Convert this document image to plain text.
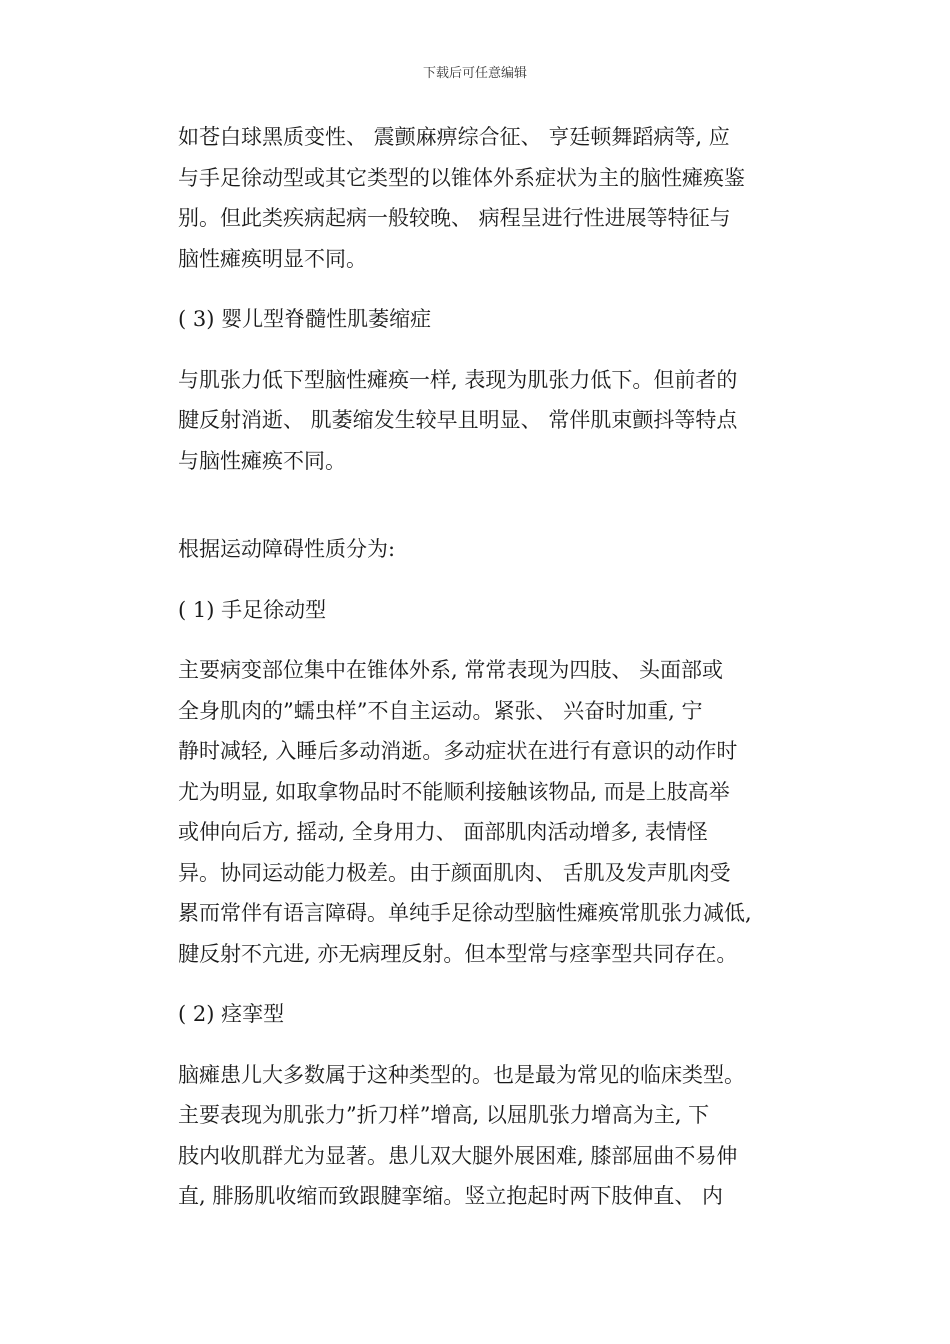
下载后可任意编辑
如苍白球黑质变性、 震颤麻痹综合征、 亨廷顿舞蹈病等, 应
与手足徐动型或其它类型的以锥体外系症状为主的脑性瘫痪鉴
别。但此类疾病起病一般较晚、 病程呈进行性进展等特征与
脑性瘫痪明显不同。
( 3) 婴儿型脊髓性肌萎缩症
与肌张力低下型脑性瘫痪一样, 表现为肌张力低下。但前者的
腱反射消逝、 肌萎缩发生较早且明显、 常伴肌束颤抖等特点
与脑性瘫痪不同。
根据运动障碍性质分为:
( 1) 手足徐动型
主要病变部位集中在锥体外系, 常常表现为四肢、 头面部或
全身肌肉的”蠕虫样”不自主运动。紧张、 兴奋时加重, 宁
静时减轻, 入睡后多动消逝。多动症状在进行有意识的动作时
尤为明显, 如取拿物品时不能顺利接触该物品, 而是上肢高举
或伸向后方, 摇动, 全身用力、 面部肌肉活动增多, 表情怪
异。协同运动能力极差。由于颜面肌肉、 舌肌及发声肌肉受
累而常伴有语言障碍。单纯手足徐动型脑性瘫痪常肌张力减低,
腱反射不亢进, 亦无病理反射。但本型常与痉挛型共同存在。
( 2) 痉挛型
脑瘫患儿大多数属于这种类型的。也是最为常见的临床类型。
主要表现为肌张力”折刀样”增高, 以屈肌张力增高为主, 下
肢内收肌群尤为显著。患儿双大腿外展困难, 膝部屈曲不易伸
直, 腓肠肌收缩而致跟腱挛缩。竖立抱起时两下肢伸直、 内
